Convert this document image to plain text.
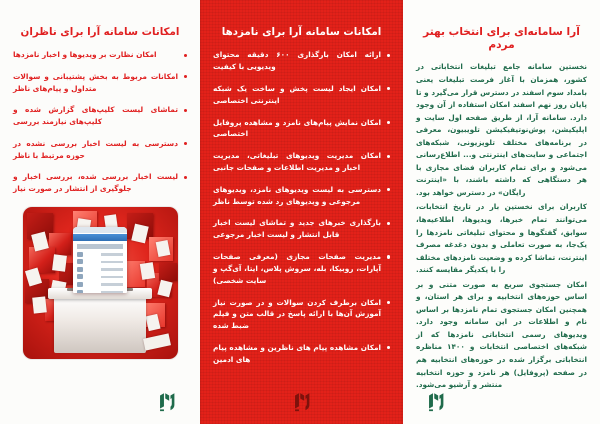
امکانات سامانه آرا برای ناظران
امکان نظارت بر ویدیوها و اخبار نامزدها
امکانات مربوط به بخش پشتیبانی و سوالات متداول و پیام‌های ناظر
تماشای لیست کلیپ‌های گزارش شده و کلیپ‌های نیازمند بررسی
دسترسی به لیست اخبار بررسی نشده در حوزه مرتبط با ناظر
لیست اخبار بررسی شده، بررسی اخبار و جلوگیری از انتشار در صورت نیاز
امکانات سامانه آرا برای نامزدها
ارائه امکان بارگذاری ۶۰۰ دقیقه محتوای ویدیویی با کیفیت
امکان ایجاد لیست پخش و ساخت یک شبکه اینترنتی اختصاصی
امکان نمایش پیام‌های نامزد و مشاهده پروفایل اختصاصی
امکان مدیریت ویدیوهای تبلیغاتی، مدیریت اخبار و مدیریت اطلاعات و صفحات جانبی
دسترسی به لیست ویدیوهای نامزد، ویدیوهای مرجوعی و ویدیوهای رد شده توسط ناظر
بارگذاری خبرهای جدید و تماشای لیست اخبار قابل انتشار و لیست اخبار مرجوعی
مدیریت صفحات مجازی (معرفی صفحات آپارات، روبیکا، بله، سروش پلاس، ایتا، آی‌گپ و سایت شخصی)
امکان برطرف کردن سوالات و در صورت نیاز آموزش آن‌ها با ارائه پاسخ در قالب متن و فیلم ضبط شده
امکان مشاهده پیام های ناظرین و مشاهده پیام های ادمین
آرا سامانه‌ای برای انتخاب بهتر مردم

نخستین سامانه جامع تبلیغات انتخاباتی در کشور، همزمان با آغاز فرصت تبلیغات یعنی بامداد سوم اسفند در دسترس قرار می‌گیرد و تا پایان روز نهم اسفند امکان استفاده از آن وجود دارد. سامانه آرا، از طریق صفحه اول سایت و اپلیکیشن، پوش‌نوتیفیکیشن تلویبیون، معرفی در برنامه‌های مختلف تلویزیونی، شبکه‌های اجتماعی و سایت‌های اینترنتی و... اطلاع‌رسانی می‌شود و برای تمام کاربران فضای مجازی با هر دستگاهی که داشته باشند، با «اینترنت رایگان» در دسترس خواهد بود.

کاربران برای نخستین بار در تاریخ انتخابات، می‌توانند تمام خبرها، ویدیوها، اطلاعیه‌ها، سوابق، گفتگوها و محتوای تبلیغاتی نامزدها را یک‌جا، به صورت تعاملی و بدون دغدغه مصرف اینترنت، تماشا کرده و وضعیت نامزدهای مختلف را با یکدیگر مقایسه کنند.

امکان جستجوی سریع به صورت متنی و بر اساس حوزه‌های انتخابیه و برای هر استان، و همچنین امکان جستجوی تمام نامزدها بر اساس نام و اطلاعات در این سامانه وجود دارد. ویدیوهای رسمی انتخاباتی نامزدها که از شبکه‌های اختصاصی انتخابات و ۱۴۰۰ مناظره انتخاباتی برگزار شده در حوزه‌های انتخابیه هم در صفحه (پروفایل) هر نامزد و حوزه انتخابیه منتشر و آرشیو می‌شود.
